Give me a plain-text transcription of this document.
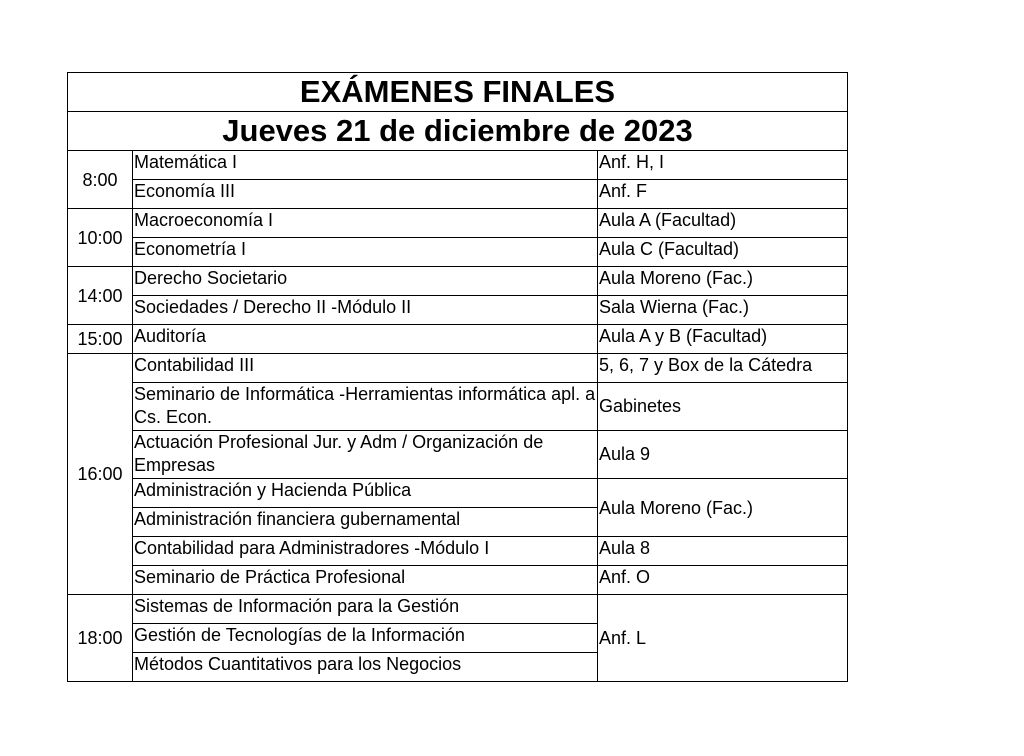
EXÁMENES FINALES		
Jueves 21 de diciembre de 2023		
8:00	Matemática I	Anf. H, I
	Economía III	Anf. F
10:00	Macroeconomía I	Aula A (Facultad)
	Econometría I	Aula C (Facultad)
14:00	Derecho Societario	Aula Moreno (Fac.)
	Sociedades / Derecho II -Módulo II	Sala Wierna (Fac.)
15:00	Auditoría	Aula A y B (Facultad)
16:00	Contabilidad III	5, 6, 7 y Box de la Cátedra
	Seminario de Informática -Herramientas informática apl. a Cs. Econ.	Gabinetes
	Actuación Profesional Jur. y Adm / Organización de Empresas	Aula 9
	Administración y Hacienda Pública	Aula Moreno (Fac.)
	Administración financiera gubernamental	
	Contabilidad para Administradores -Módulo I	Aula 8
	Seminario de Práctica Profesional	Anf. O
18:00	Sistemas de Información para la Gestión	Anf. L
	Gestión de Tecnologías de la Información	
	Métodos Cuantitativos para los Negocios	
